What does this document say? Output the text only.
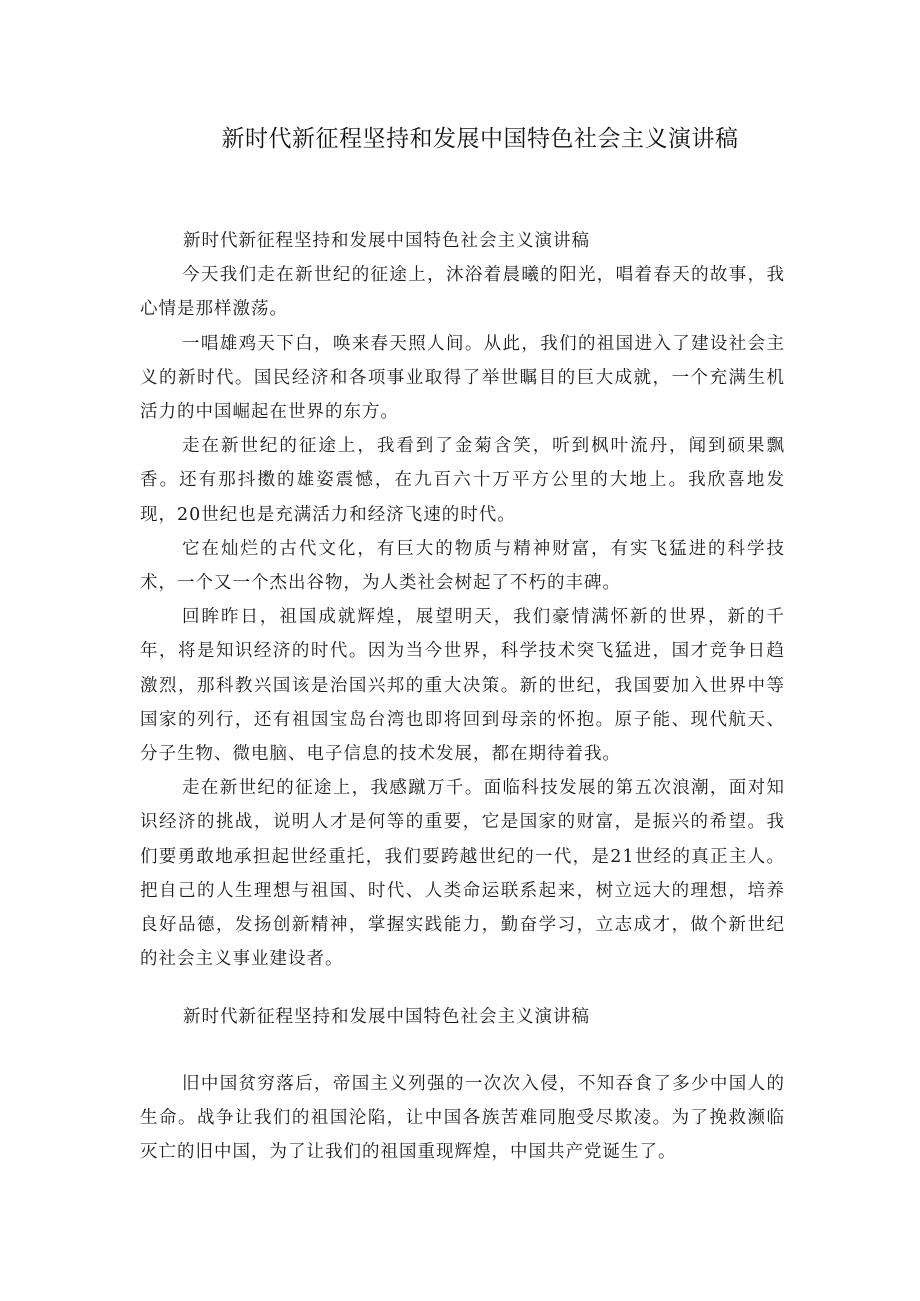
新时代新征程坚持和发展中国特色社会主义演讲稿
新时代新征程坚持和发展中国特色社会主义演讲稿

今天我们走在新世纪的征途上，沐浴着晨曦的阳光，唱着春天的故事，我心情是那样激荡。

一唱雄鸡天下白，唤来春天照人间。从此，我们的祖国进入了建设社会主义的新时代。国民经济和各项事业取得了举世瞩目的巨大成就，一个充满生机活力的中国崛起在世界的东方。

走在新世纪的征途上，我看到了金菊含笑，听到枫叶流丹，闻到硕果飘香。还有那抖擞的雄姿震憾，在九百六十万平方公里的大地上。我欣喜地发现，20世纪也是充满活力和经济飞速的时代。

它在灿烂的古代文化，有巨大的物质与精神财富，有实飞猛进的科学技术，一个又一个杰出谷物，为人类社会树起了不朽的丰碑。

回眸昨日，祖国成就辉煌，展望明天，我们豪情满怀新的世界，新的千年，将是知识经济的时代。因为当今世界，科学技术突飞猛进，国才竞争日趋激烈，那科教兴国该是治国兴邦的重大决策。新的世纪，我国要加入世界中等国家的列行，还有祖国宝岛台湾也即将回到母亲的怀抱。原子能、现代航天、分子生物、微电脑、电子信息的技术发展，都在期待着我。

走在新世纪的征途上，我感蹴万千。面临科技发展的第五次浪潮，面对知识经济的挑战，说明人才是何等的重要，它是国家的财富，是振兴的希望。我们要勇敢地承担起世经重托，我们要跨越世纪的一代，是21世经的真正主人。把自己的人生理想与祖国、时代、人类命运联系起来，树立远大的理想，培养良好品德，发扬创新精神，掌握实践能力，勤奋学习，立志成才，做个新世纪的社会主义事业建设者。

新时代新征程坚持和发展中国特色社会主义演讲稿

旧中国贫穷落后，帝国主义列强的一次次入侵，不知吞食了多少中国人的生命。战争让我们的祖国沦陷，让中国各族苦难同胞受尽欺凌。为了挽救濒临灭亡的旧中国，为了让我们的祖国重现辉煌，中国共产党诞生了。
